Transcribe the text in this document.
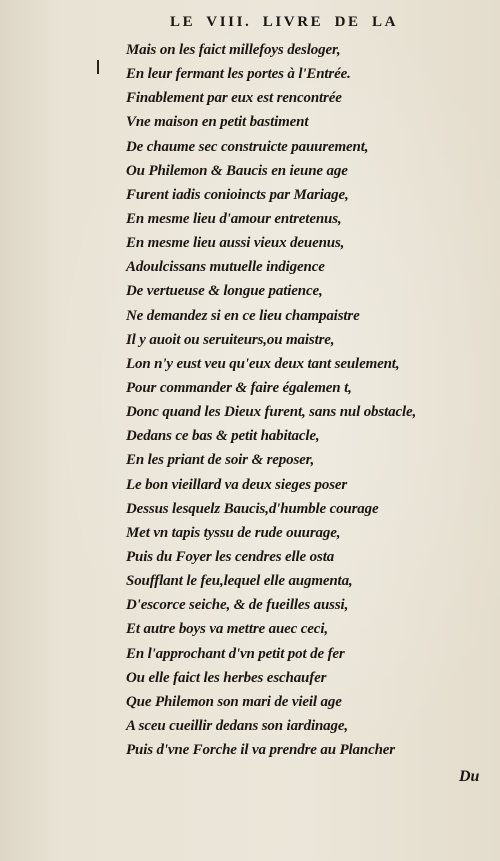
LE VIII. LIVRE DE LA
Mais on les faict millefoys desloger,
En leur fermant les portes à l'Entrée.
Finablement par eux est rencontrée
Vne maison en petit bastiment
De chaume sec construicte pauurement,
Ou Philemon & Baucis en ieune age
Furent iadis conioincts par Mariage,
En mesme lieu d'amour entretenus,
En mesme lieu aussi vieux deuenus,
Adoulcissans mutuelle indigence
De vertueuse & longue patience,
Ne demandez si en ce lieu champaistre
Il y auoit ou seruiteurs,ou maistre,
Lon n'y eust veu qu'eux deux tant seulement,
Pour commander & faire égalemen t,
Donc quand les Dieux furent, sans nul obstacle,
Dedans ce bas & petit habitacle,
En les priant de soir & reposer,
Le bon vieillard va deux sieges poser
Dessus lesquelz Baucis,d'humble courage
Met vn tapis tyssu de rude ouurage,
Puis du Foyer les cendres elle osta
Soufflant le feu,lequel elle augmenta,
D'escorce seiche, & de fueilles aussi,
Et autre boys va mettre auec ceci,
En l'approchant d'vn petit pot de fer
Ou elle faict les herbes eschaufer
Que Philemon son mari de vieil age
A sceu cueillir dedans son iardinage,
Puis d'vne Forche il va prendre au Plancher
Du
